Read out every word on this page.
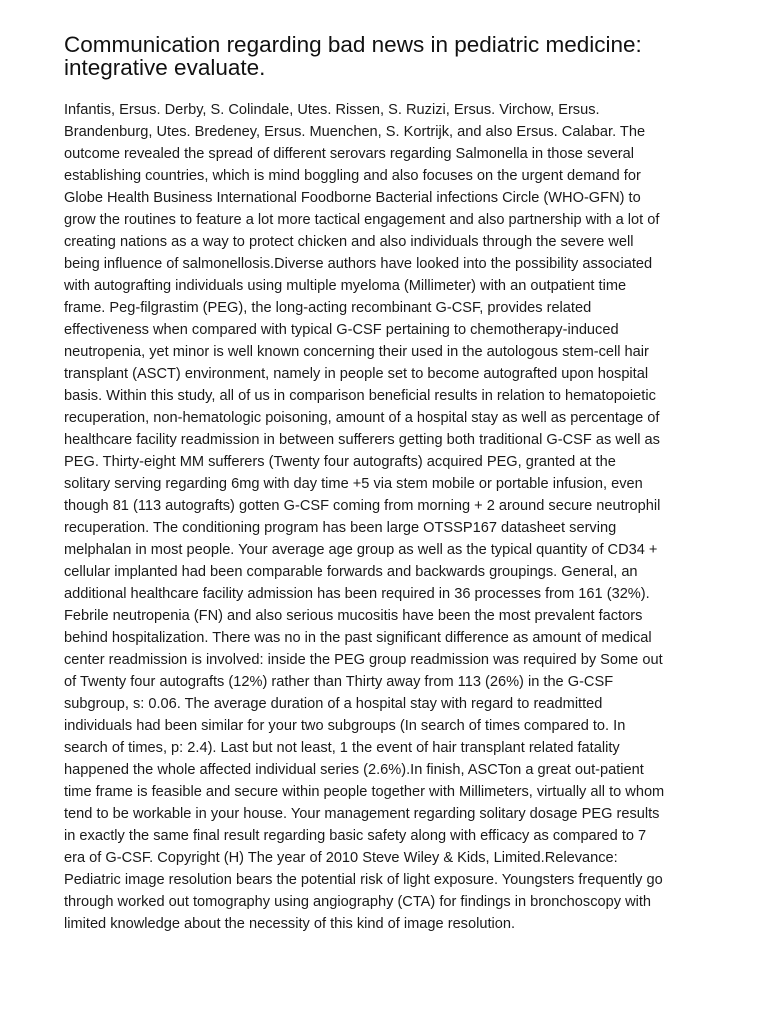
Communication regarding bad news in pediatric medicine:
integrative evaluate.
Infantis, Ersus. Derby, S. Colindale, Utes. Rissen, S. Ruzizi, Ersus. Virchow, Ersus.
Brandenburg, Utes. Bredeney, Ersus. Muenchen, S. Kortrijk, and also Ersus. Calabar. The
outcome revealed the spread of different serovars regarding Salmonella in those several
establishing countries, which is mind boggling and also focuses on the urgent demand for
Globe Health Business International Foodborne Bacterial infections Circle (WHO-GFN) to
grow the routines to feature a lot more tactical engagement and also partnership with a lot of
creating nations as a way to protect chicken and also individuals through the severe well
being influence of salmonellosis.Diverse authors have looked into the possibility associated
with autografting individuals using multiple myeloma (Millimeter) with an outpatient time
frame. Peg-filgrastim (PEG), the long-acting recombinant G-CSF, provides related
effectiveness when compared with typical G-CSF pertaining to chemotherapy-induced
neutropenia, yet minor is well known concerning their used in the autologous stem-cell hair
transplant (ASCT) environment, namely in people set to become autografted upon hospital
basis. Within this study, all of us in comparison beneficial results in relation to hematopoietic
recuperation, non-hematologic poisoning, amount of a hospital stay as well as percentage of
healthcare facility readmission in between sufferers getting both traditional G-CSF as well as
PEG. Thirty-eight MM sufferers (Twenty four autografts) acquired PEG, granted at the
solitary serving regarding 6mg with day time +5 via stem mobile or portable infusion, even
though 81 (113 autografts) gotten G-CSF coming from morning + 2 around secure neutrophil
recuperation. The conditioning program has been large OTSSP167 datasheet serving
melphalan in most people. Your average age group as well as the typical quantity of CD34 +
cellular implanted had been comparable forwards and backwards groupings. General, an
additional healthcare facility admission has been required in 36 processes from 161 (32%).
Febrile neutropenia (FN) and also serious mucositis have been the most prevalent factors
behind hospitalization. There was no in the past significant difference as amount of medical
center readmission is involved: inside the PEG group readmission was required by Some out
of Twenty four autografts (12%) rather than Thirty away from 113 (26%) in the G-CSF
subgroup, s: 0.06. The average duration of a hospital stay with regard to readmitted
individuals had been similar for your two subgroups (In search of times compared to. In
search of times, p: 2.4). Last but not least, 1 the event of hair transplant related fatality
happened the whole affected individual series (2.6%).In finish, ASCTon a great out-patient
time frame is feasible and secure within people together with Millimeters, virtually all to whom
tend to be workable in your house. Your management regarding solitary dosage PEG results
in exactly the same final result regarding basic safety along with efficacy as compared to 7
era of G-CSF. Copyright (H) The year of 2010 Steve Wiley & Kids, Limited.Relevance:
Pediatric image resolution bears the potential risk of light exposure. Youngsters frequently go
through worked out tomography using angiography (CTA) for findings in bronchoscopy with
limited knowledge about the necessity of this kind of image resolution.
